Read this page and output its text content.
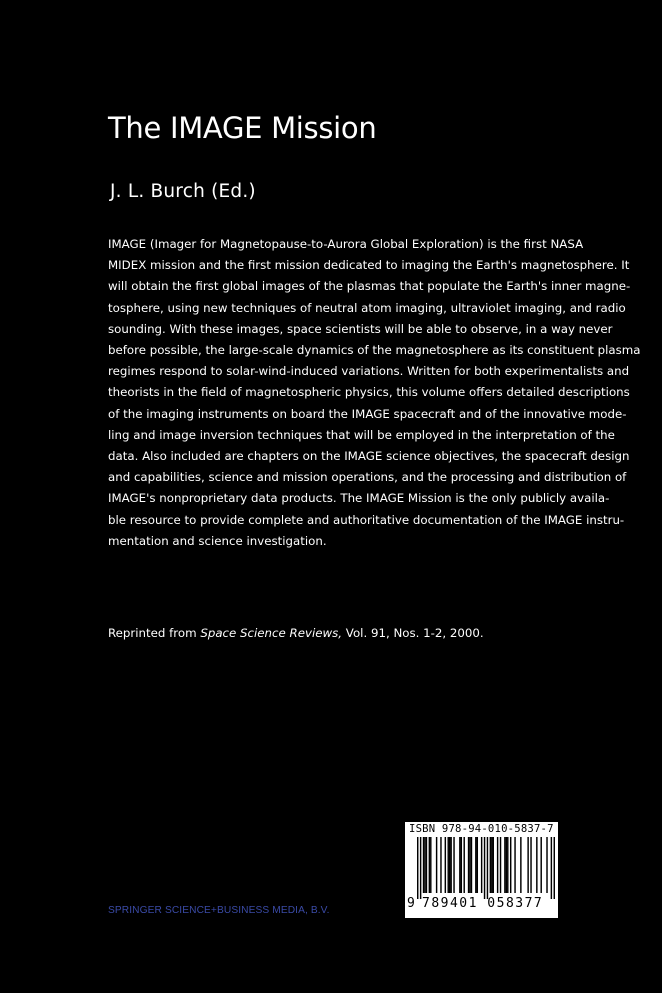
The IMAGE Mission
J. L. Burch (Ed.)

IMAGE (Imager for Magnetopause-to-Aurora Global Exploration) is the first NASA
MIDEX mission and the first mission dedicated to imaging the Earth's magnetosphere. It
will obtain the first global images of the plasmas that populate the Earth's inner magne-
tosphere, using new techniques of neutral atom imaging, ultraviolet imaging, and radio
sounding. With these images, space scientists will be able to observe, in a way never
before possible, the large-scale dynamics of the magnetosphere as its constituent plasma
regimes respond to solar-wind-induced variations. Written for both experimentalists and
theorists in the field of magnetospheric physics, this volume offers detailed descriptions
of the imaging instruments on board the IMAGE spacecraft and of the innovative mode-
ling and image inversion techniques that will be employed in the interpretation of the
data. Also included are chapters on the IMAGE science objectives, the spacecraft design
and capabilities, science and mission operations, and the processing and distribution of
IMAGE's nonproprietary data products. The IMAGE Mission is the only publicly availa-
ble resource to provide complete and authoritative documentation of the IMAGE instru-
mentation and science investigation.

Reprinted from Space Science Reviews, Vol. 91, Nos. 1-2, 2000.
ISBN 978-94-010-5837-7
9 789401 058377
SPRINGER SCIENCE+BUSINESS MEDIA, B.V.
